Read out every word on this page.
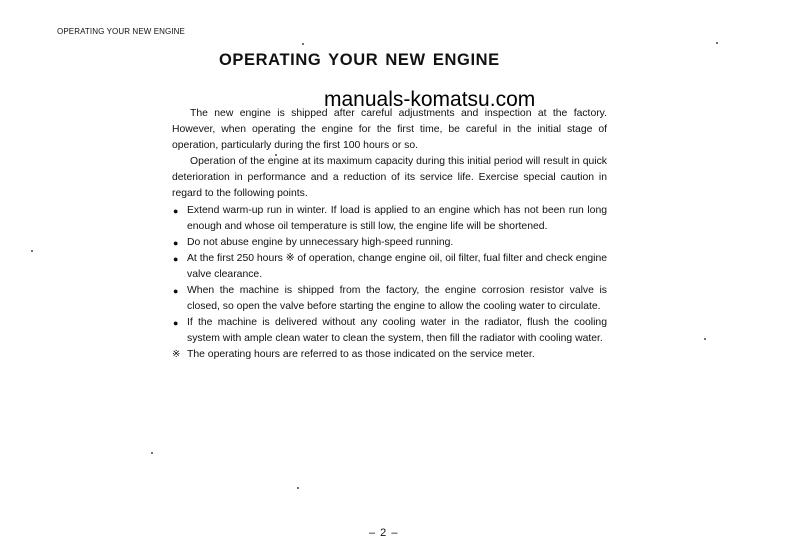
OPERATING YOUR NEW ENGINE
OPERATING YOUR NEW ENGINE
manuals-komatsu.com

The new engine is shipped after careful adjustments and inspection at the factory. However, when operating the engine for the first time, be careful in the initial stage of operation, particularly during the first 100 hours or so.

Operation of the engine at its maximum capacity during this initial period will result in quick deterioration in performance and a reduction of its service life. Exercise special caution in regard to the following points.

● Extend warm-up run in winter. If load is applied to an engine which has not been run long enough and whose oil temperature is still low, the engine life will be shortened.
● Do not abuse engine by unnecessary high-speed running.
● At the first 250 hours ※ of operation, change engine oil, oil filter, fual filter and check engine valve clearance.
● When the machine is shipped from the factory, the engine corrosion resistor valve is closed, so open the valve before starting the engine to allow the cooling water to circulate.
● If the machine is delivered without any cooling water in the radiator, flush the cooling system with ample clean water to clean the system, then fill the radiator with cooling water.
※ The operating hours are referred to as those indicated on the service meter.
– 2 –
